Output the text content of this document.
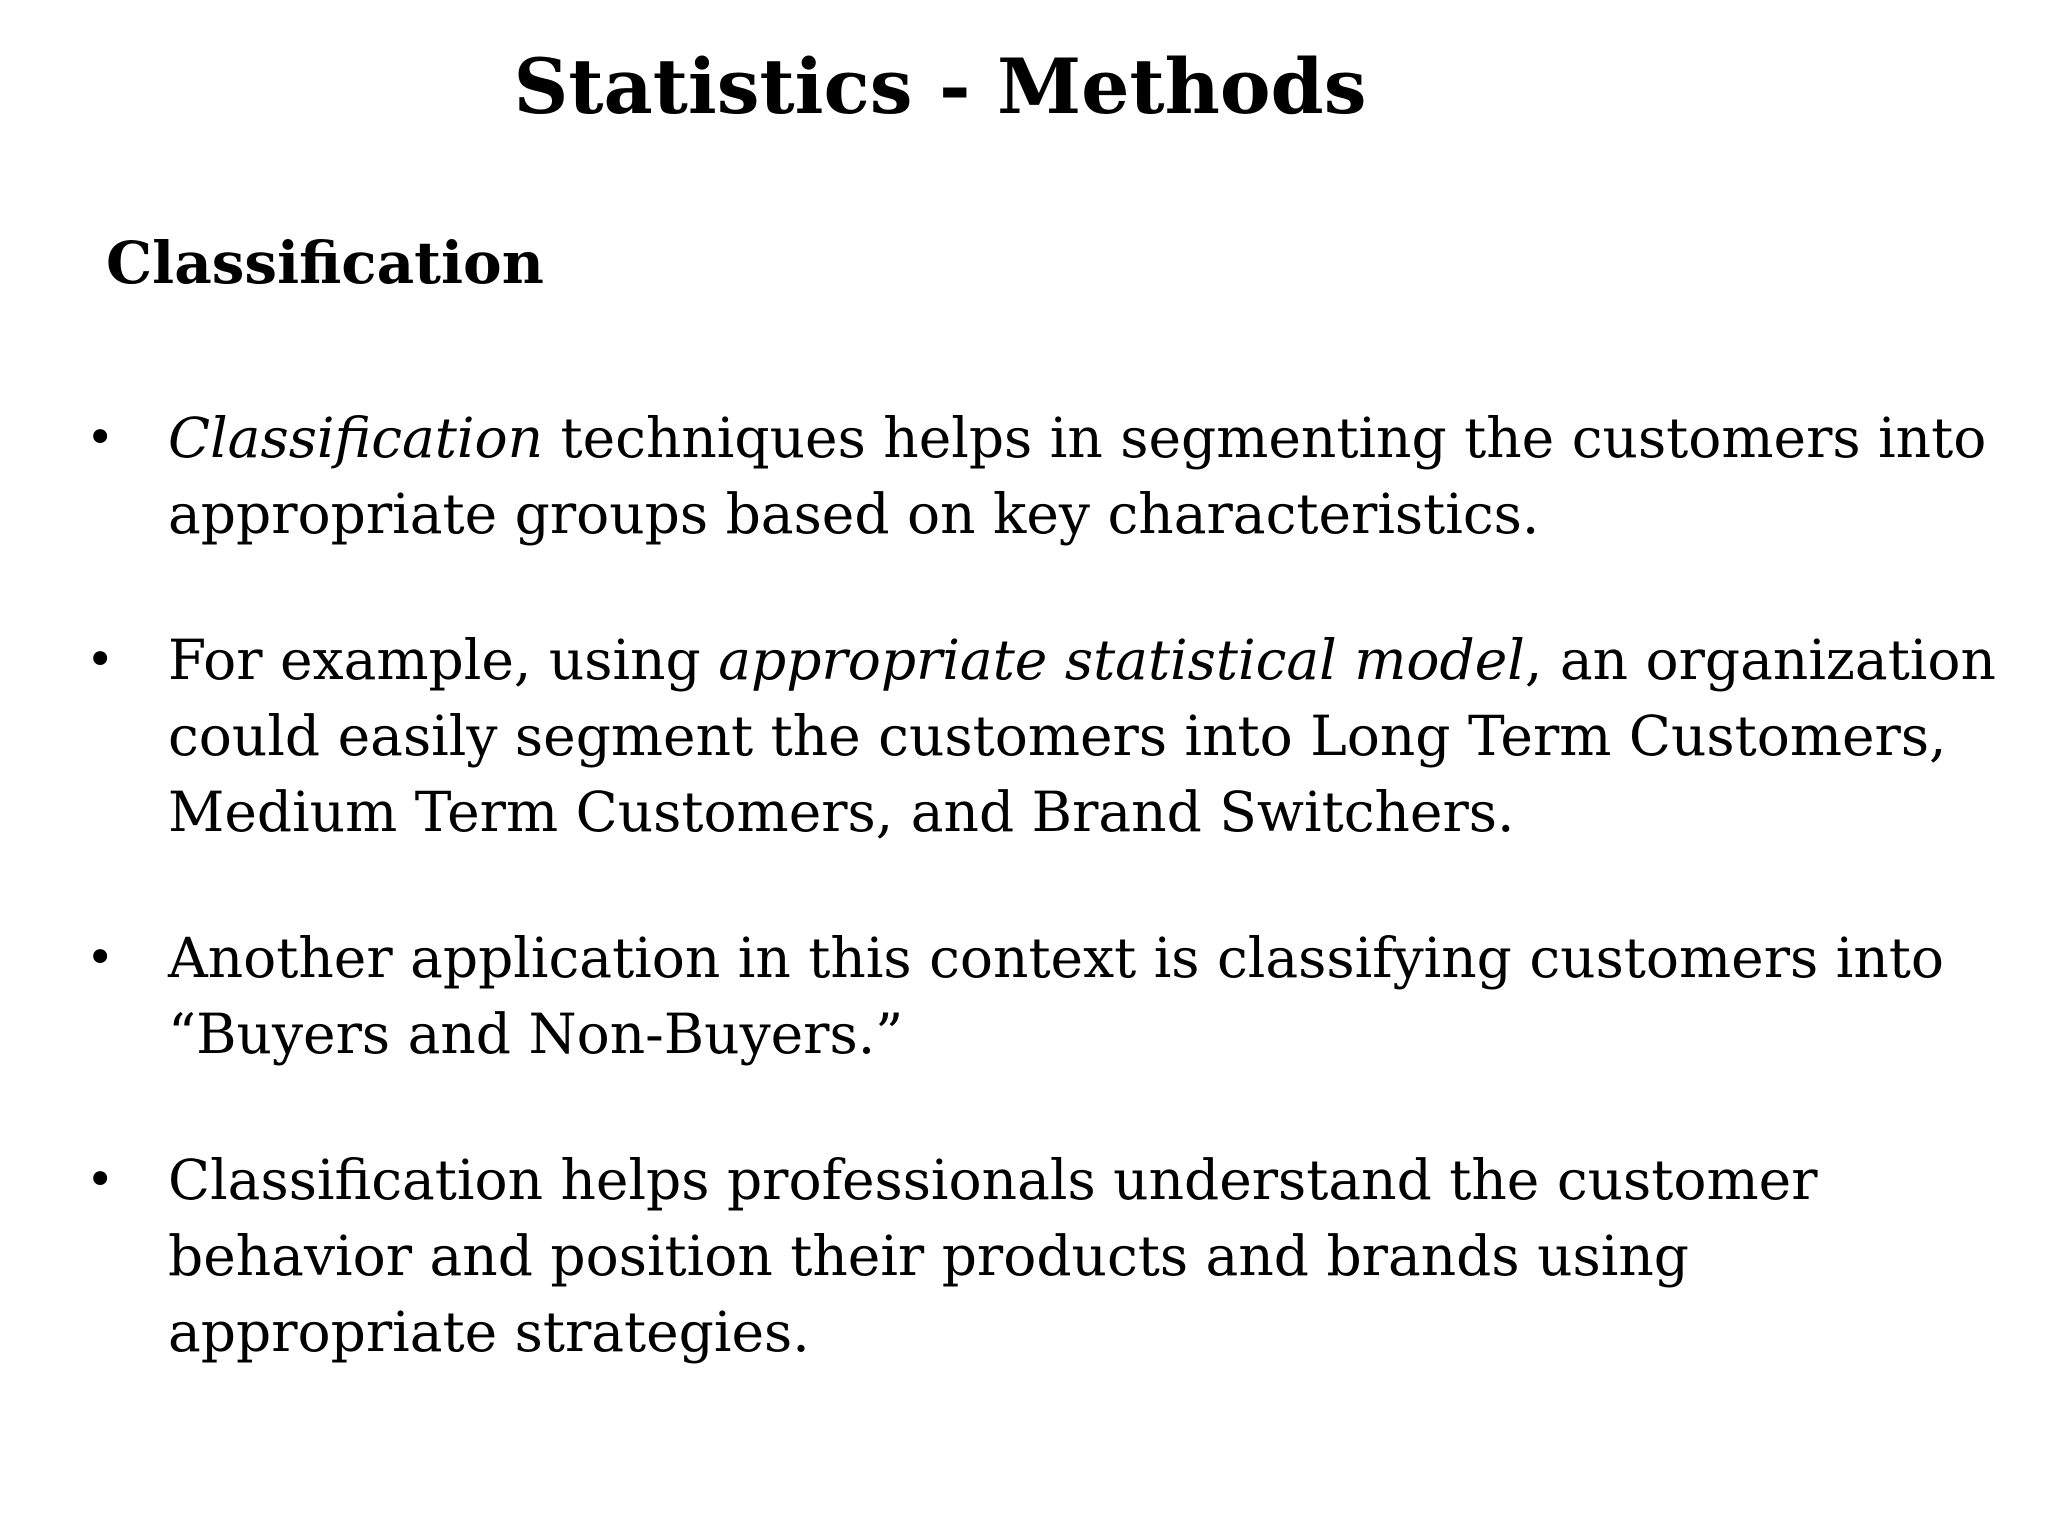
Statistics - Methods
Classification
• Classification techniques helps in segmenting the customers into appropriate groups based on key characteristics.
• For example, using appropriate statistical model, an organization could easily segment the customers into Long Term Customers, Medium Term Customers, and Brand Switchers.
• Another application in this context is classifying customers into “Buyers and Non-Buyers.”
• Classification helps professionals understand the customer behavior and position their products and brands using appropriate strategies.
